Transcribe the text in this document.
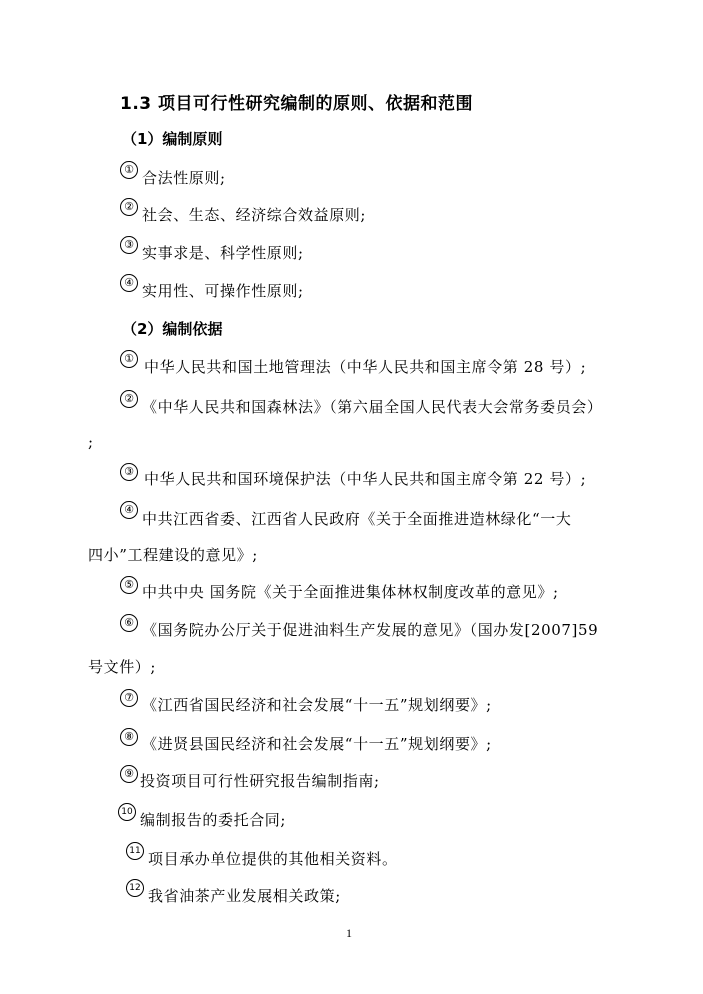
1.3 项目可行性研究编制的原则、依据和范围
（1）编制原则
① 合法性原则;
② 社会、生态、经济综合效益原则;
③ 实事求是、科学性原则;
④ 实用性、可操作性原则;
（2）编制依据
① 中华人民共和国土地管理法（中华人民共和国主席令第 28 号）;
② 《中华人民共和国森林法》（第六届全国人民代表大会常务委员会）
;
③ 中华人民共和国环境保护法（中华人民共和国主席令第 22 号）;
④
中共江西省委、江西省人民政府《关于全面推进造林绿化“一大
四小”工程建设的意见》;
⑤ 中共中央 国务院《关于全面推进集体林权制度改革的意见》;
⑥ 《国务院办公厅关于促进油料生产发展的意见》（国办发[2007]59
号文件）;
⑦ 《江西省国民经济和社会发展“十一五”规划纲要》;
⑧ 《进贤县国民经济和社会发展“十一五”规划纲要》;
⑨ 投资项目可行性研究报告编制指南;
10 编制报告的委托合同;
11 项目承办单位提供的其他相关资料。
12 我省油茶产业发展相关政策;
1
